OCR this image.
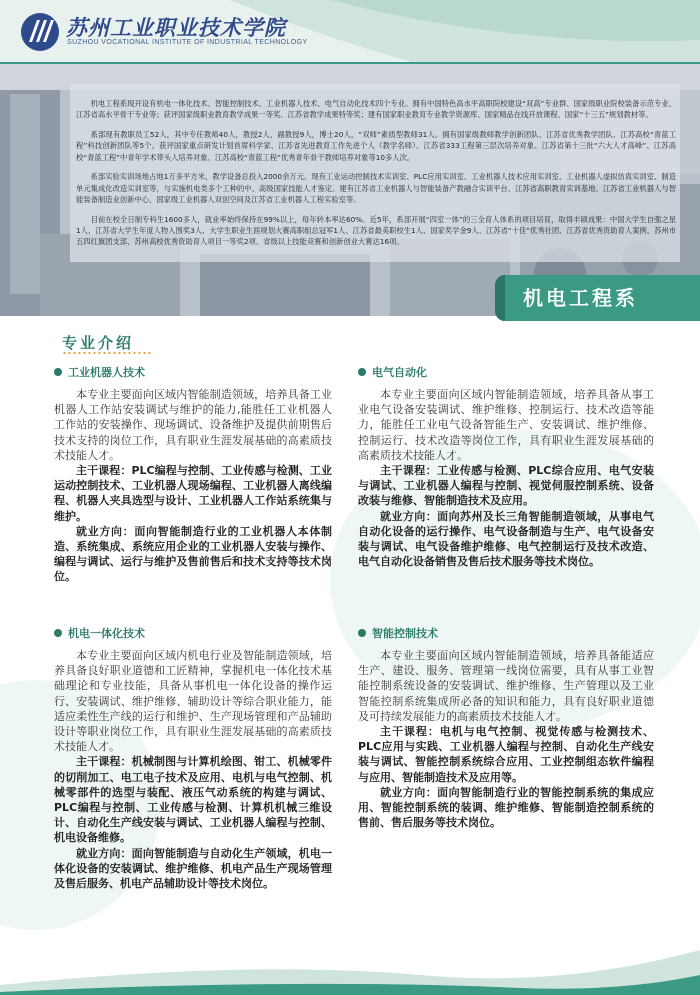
苏州工业职业技术学院
SUZHOU VOCATIONAL INSTITUTE OF INDUSTRIAL TECHNOLOGY

机电工程系现开设有机电一体化技术、智能控制技术、工业机器人技术、电气自动化技术四个专业。拥有中国特色高水平高职院校建设“双高”专业群、国家级职业院校装备示范专业、江苏省高水平骨干专业等；获评国家级职业教育教学成果一等奖、江苏省教学成果特等奖；建有国家职业教育专业教学资源库、国家精品在线开放课程、国家“十三五”规划教材等。

系部现有教职员工52人，其中专任教师40人，教授2人，副教授9人，博士20人，“双师”素质型教师31人。拥有国家级教师教学创新团队、江苏省优秀教学团队、江苏高校“青蓝工程”科技创新团队等5个。获评国家重点研发计划首席科学家、江苏省先进教育工作先进个人（教学名师）、江苏省333工程第三层次培养对象、江苏省第十三批“六大人才高峰”、江苏高校“青蓝工程”中青年学术带头人培养对象、江苏高校“青蓝工程”优秀青年骨干教师培养对象等10多人次。

系部实验实训场地占地1万多平方米，教学设备总投入2000余万元。现有工业运动控制技术实训室、PLC应用实训室、工业机器人技术应用实训室、工业机器人虚拟仿真实训室、制造单元集成化改造实训室等，与实施机电类多个工种的中、高级国家技能人才鉴定。建有江苏省工业机器人与智能装备产教融合实训平台、江苏省高职教育实训基地、江苏省工业机器人与智能装备制造业创新中心、国家级工业机器人双创空间及江苏省工业机器人工程实验室等。

目前在校全日制专科生1600多人，就业率始终保持在99%以上，每年转本率达60%。近5年，系部开展“四室一体”的三全育人体系的项目培育，取得丰硕成果：中国大学生自强之星1人、江苏省大学生年度人物入围奖3人、大学生职业生涯规划大赛高职组总冠军1人、江苏省最美职校生1人、国家奖学金9人、江苏省“十佳”优秀社团、江苏省优秀资助育人案例、苏州市五四红旗团支部、苏州高校优秀资助育人项目一等奖2项、省级以上技能竞赛和创新创业大赛达16项。

机电工程系
专业介绍
工业机器人技术

本专业主要面向区域内智能制造领域，培养具备工业机器人工作站安装调试与维护的能力,能胜任工业机器人工作站的安装操作、现场调试、设备维护及提供前期售后技术支持的岗位工作，具有职业生涯发展基础的高素质技术技能人才。

主干课程：PLC编程与控制、工业传感与检测、工业运动控制技术、工业机器人现场编程、工业机器人离线编程、机器人夹具选型与设计、工业机器人工作站系统集与维护。

就业方向：面向智能制造行业的工业机器人本体制造、系统集成、系统应用企业的工业机器人安装与操作、编程与调试、运行与维护及售前售后和技术支持等技术岗位。

电气自动化

本专业主要面向区域内智能制造领域，培养具备从事工业电气设备安装调试、维护维修、控制运行、技术改造等能力，能胜任工业电气设备智能生产、安装调试、维护维修、控制运行、技术改造等岗位工作，具有职业生涯发展基础的高素质技术技能人才。

主干课程：工业传感与检测、PLC综合应用、电气安装与调试、工业机器人编程与控制、视觉伺服控制系统、设备改装与维修、智能制造技术及应用。

就业方向：面向苏州及长三角智能制造领域，从事电气自动化设备的运行操作、电气设备制造与生产、电气设备安装与调试、电气设备维护维修、电气控制运行及技术改造、电气自动化设备销售及售后技术服务等技术岗位。

机电一体化技术

本专业主要面向区域内机电行业及智能制造领域，培养具备良好职业道德和工匠精神，掌握机电一体化技术基础理论和专业技能，具备从事机电一体化设备的操作运行、安装调试、维护维修、辅助设计等综合职业能力，能适应柔性生产线的运行和维护、生产现场管理和产品辅助设计等职业岗位工作，具有职业生涯发展基础的高素质技术技能人才。

主干课程：机械制图与计算机绘图、钳工、机械零件的切削加工、电工电子技术及应用、电机与电气控制、机械零部件的选型与装配、液压气动系统的构建与调试、PLC编程与控制、工业传感与检测、计算机机械三维设计、自动化生产线安装与调试、工业机器人编程与控制、机电设备维修。

就业方向：面向智能制造与自动化生产领域，机电一体化设备的安装调试、维护维修、机电产品生产现场管理及售后服务、机电产品辅助设计等技术岗位。

智能控制技术

本专业主要面向区域内智能制造领域，培养具备能适应生产、建设、服务、管理第一线岗位需要，具有从事工业智能控制系统设备的安装调试、维护维修、生产管理以及工业智能控制系统集成所必备的知识和能力，具有良好职业道德及可持续发展能力的高素质技术技能人才。

主干课程：电机与电气控制、视觉传感与检测技术、PLC应用与实践、工业机器人编程与控制、自动化生产线安装与调试、智能控制系统综合应用、工业控制组态软件编程与应用、智能制造技术及应用等。

就业方向：面向智能制造行业的智能控制系统的集成应用、智能控制系统的装调、维护维修、智能制造控制系统的售前、售后服务等技术岗位。
